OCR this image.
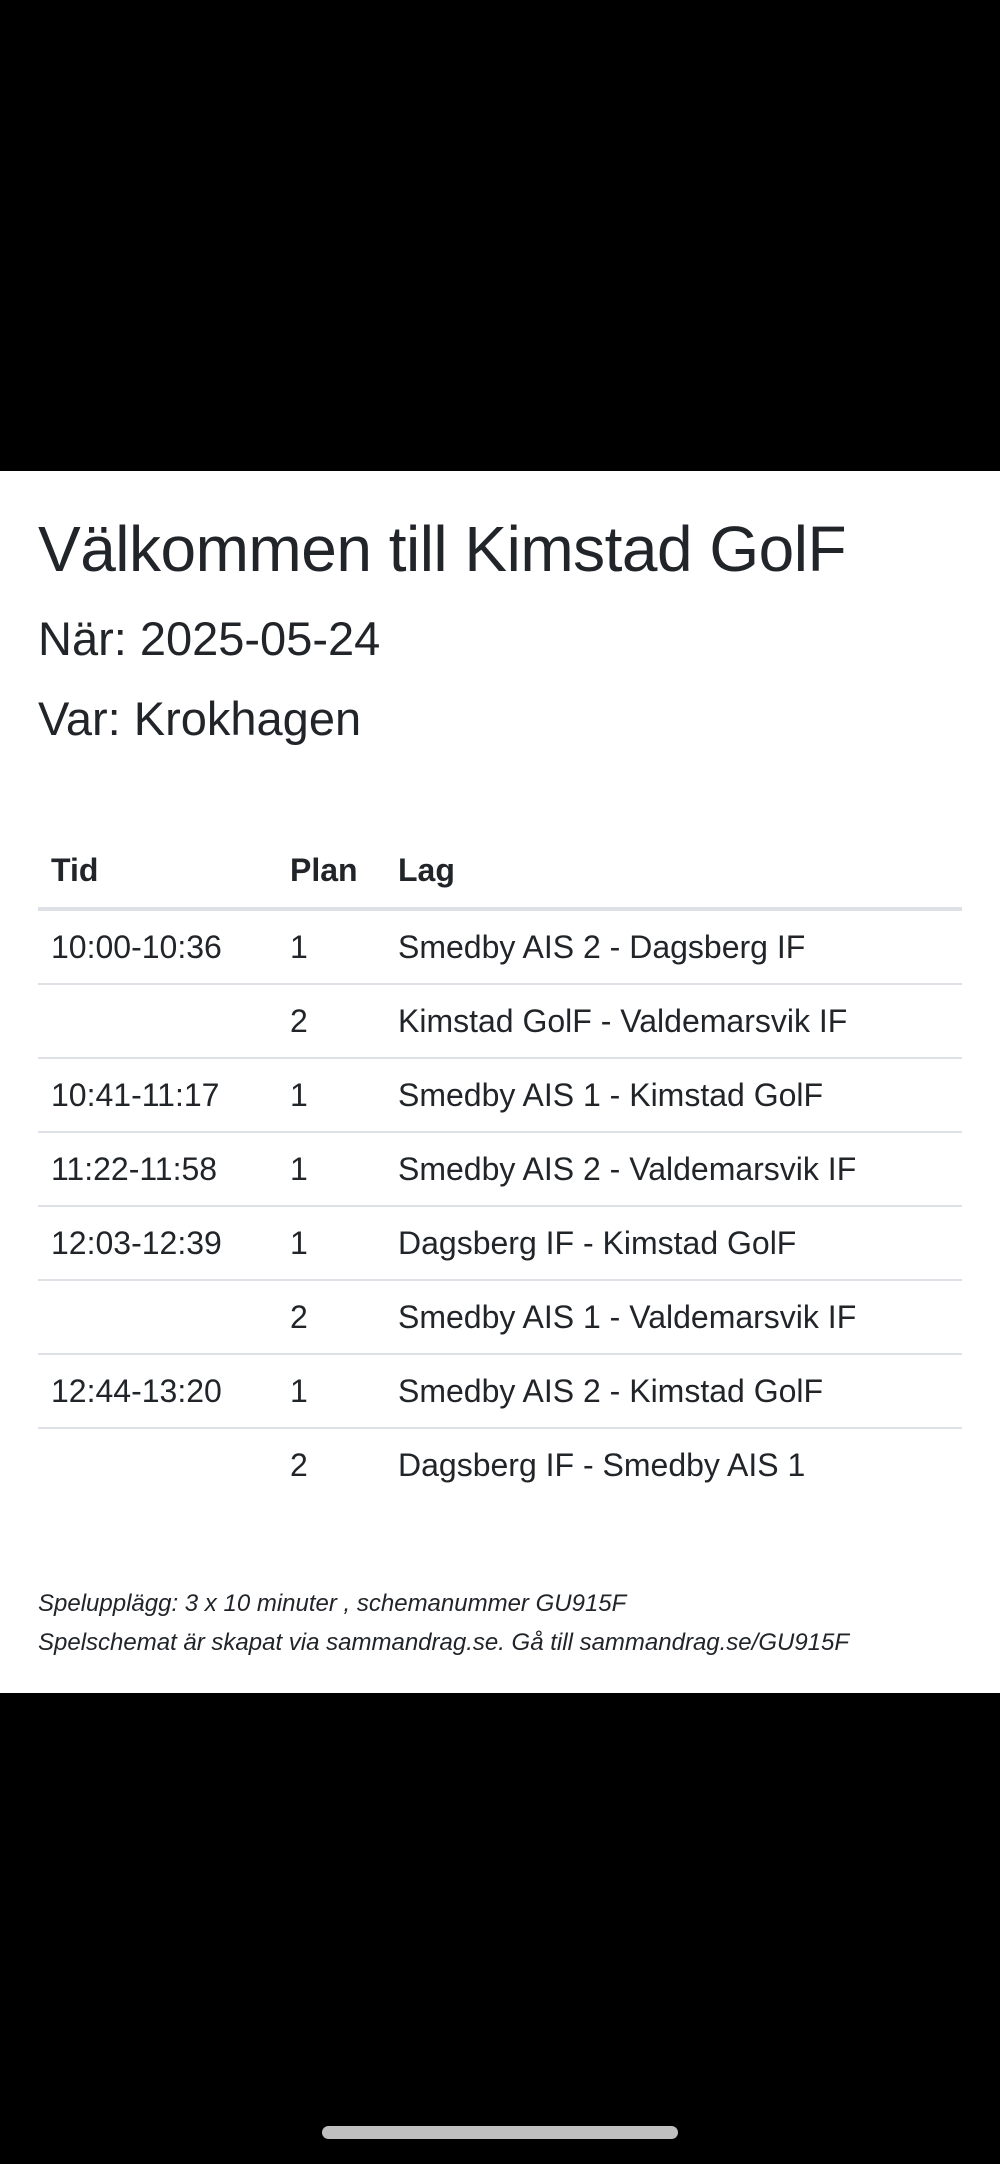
Välkommen till Kimstad GolF
När: 2025-05-24
Var: Krokhagen
Tid	Plan	Lag
10:00-10:36	1	Smedby AIS 2 - Dagsberg IF
	2	Kimstad GolF - Valdemarsvik IF
10:41-11:17	1	Smedby AIS 1 - Kimstad GolF
11:22-11:58	1	Smedby AIS 2 - Valdemarsvik IF
12:03-12:39	1	Dagsberg IF - Kimstad GolF
	2	Smedby AIS 1 - Valdemarsvik IF
12:44-13:20	1	Smedby AIS 2 - Kimstad GolF
	2	Dagsberg IF - Smedby AIS 1

Spelupplägg: 3 x 10 minuter , schemanummer GU915F

Spelschemat är skapat via sammandrag.se. Gå till sammandrag.se/GU915F
